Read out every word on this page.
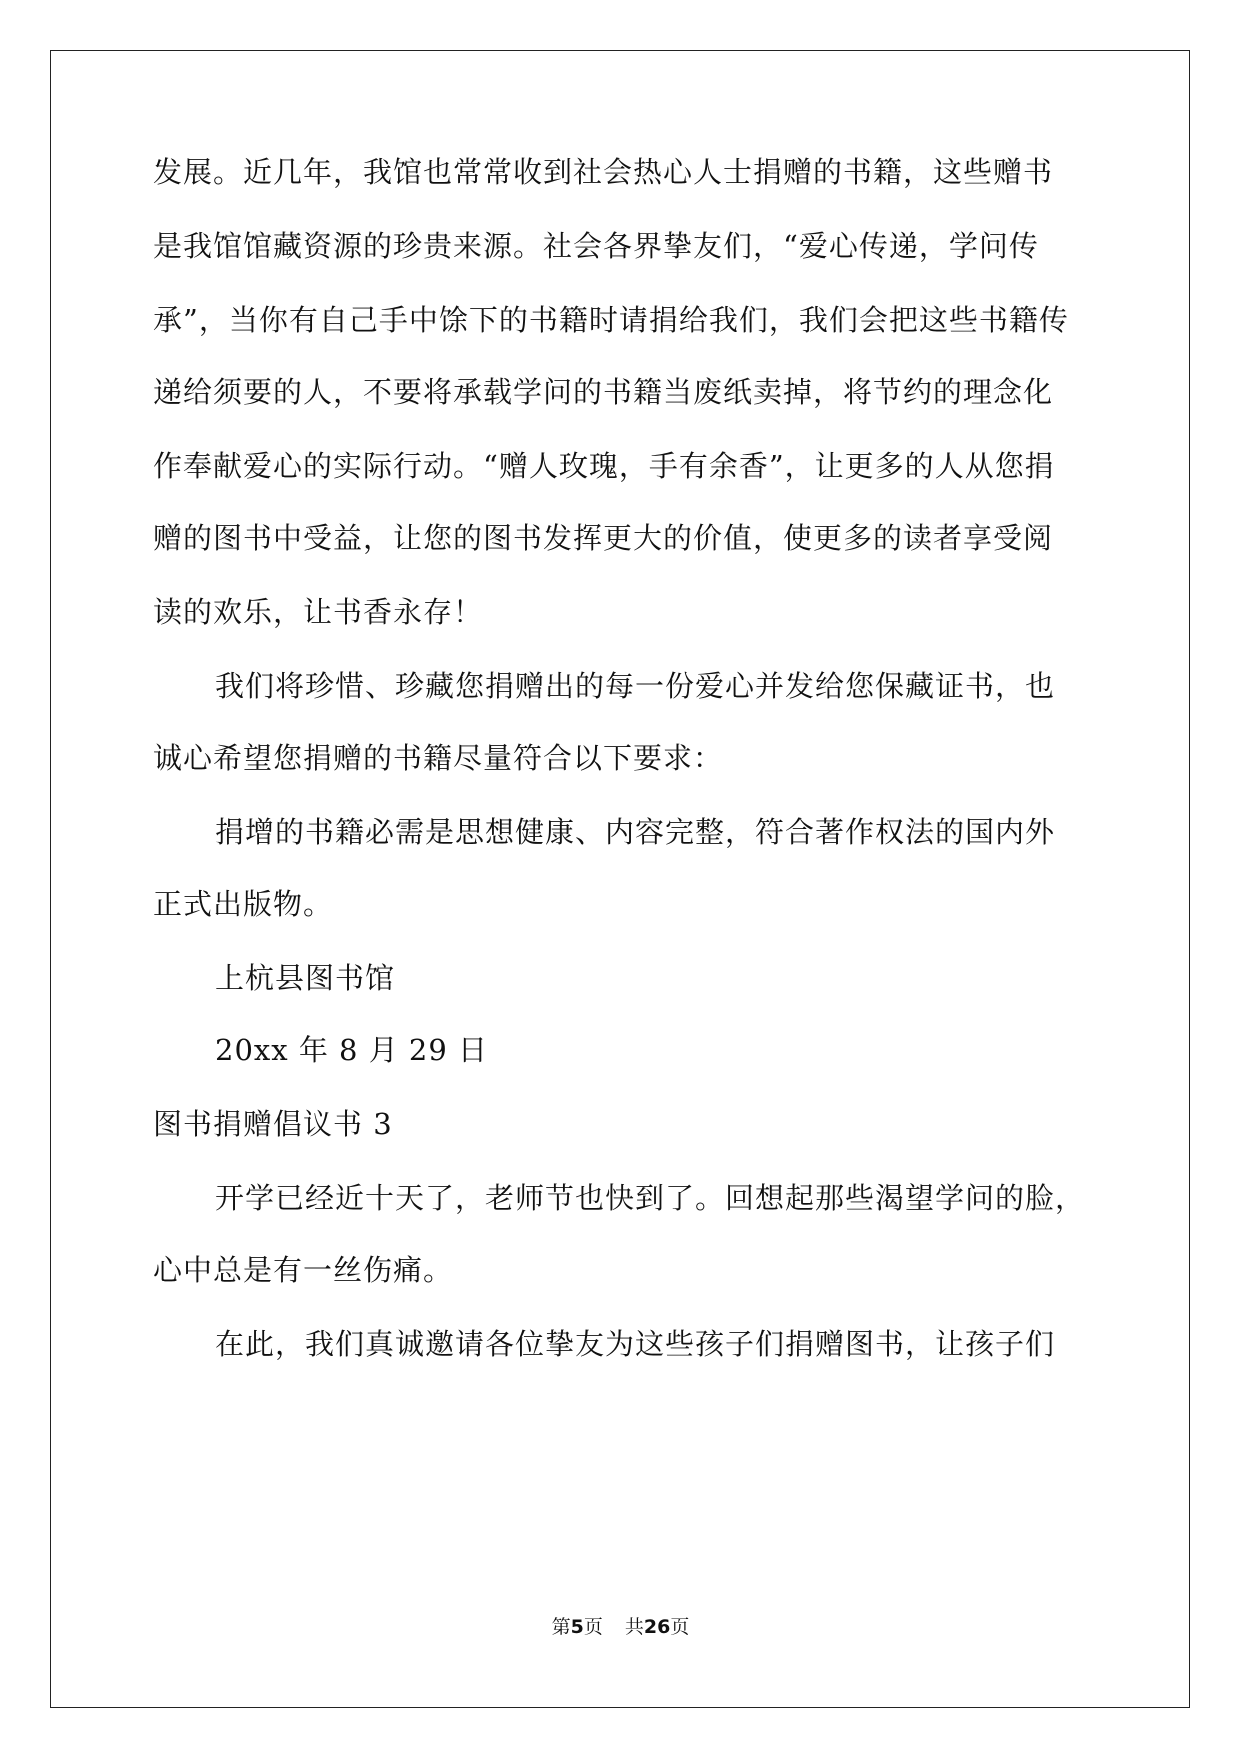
发展。近几年，我馆也常常收到社会热心人士捐赠的书籍，这些赠书
是我馆馆藏资源的珍贵来源。社会各界挚友们，“爱心传递，学问传
承”，当你有自己手中馀下的书籍时请捐给我们，我们会把这些书籍传
递给须要的人，不要将承载学问的书籍当废纸卖掉，将节约的理念化
作奉献爱心的实际行动。“赠人玫瑰，手有余香”，让更多的人从您捐
赠的图书中受益，让您的图书发挥更大的价值，使更多的读者享受阅
读的欢乐，让书香永存！
我们将珍惜、珍藏您捐赠出的每一份爱心并发给您保藏证书，也
诚心希望您捐赠的书籍尽量符合以下要求：
捐增的书籍必需是思想健康、内容完整，符合著作权法的国内外
正式出版物。
上杭县图书馆
20xx 年 8 月 29 日
图书捐赠倡议书 3
开学已经近十天了，老师节也快到了。回想起那些渴望学问的脸，
心中总是有一丝伤痛。
在此，我们真诚邀请各位挚友为这些孩子们捐赠图书，让孩子们
第5页 共26页
